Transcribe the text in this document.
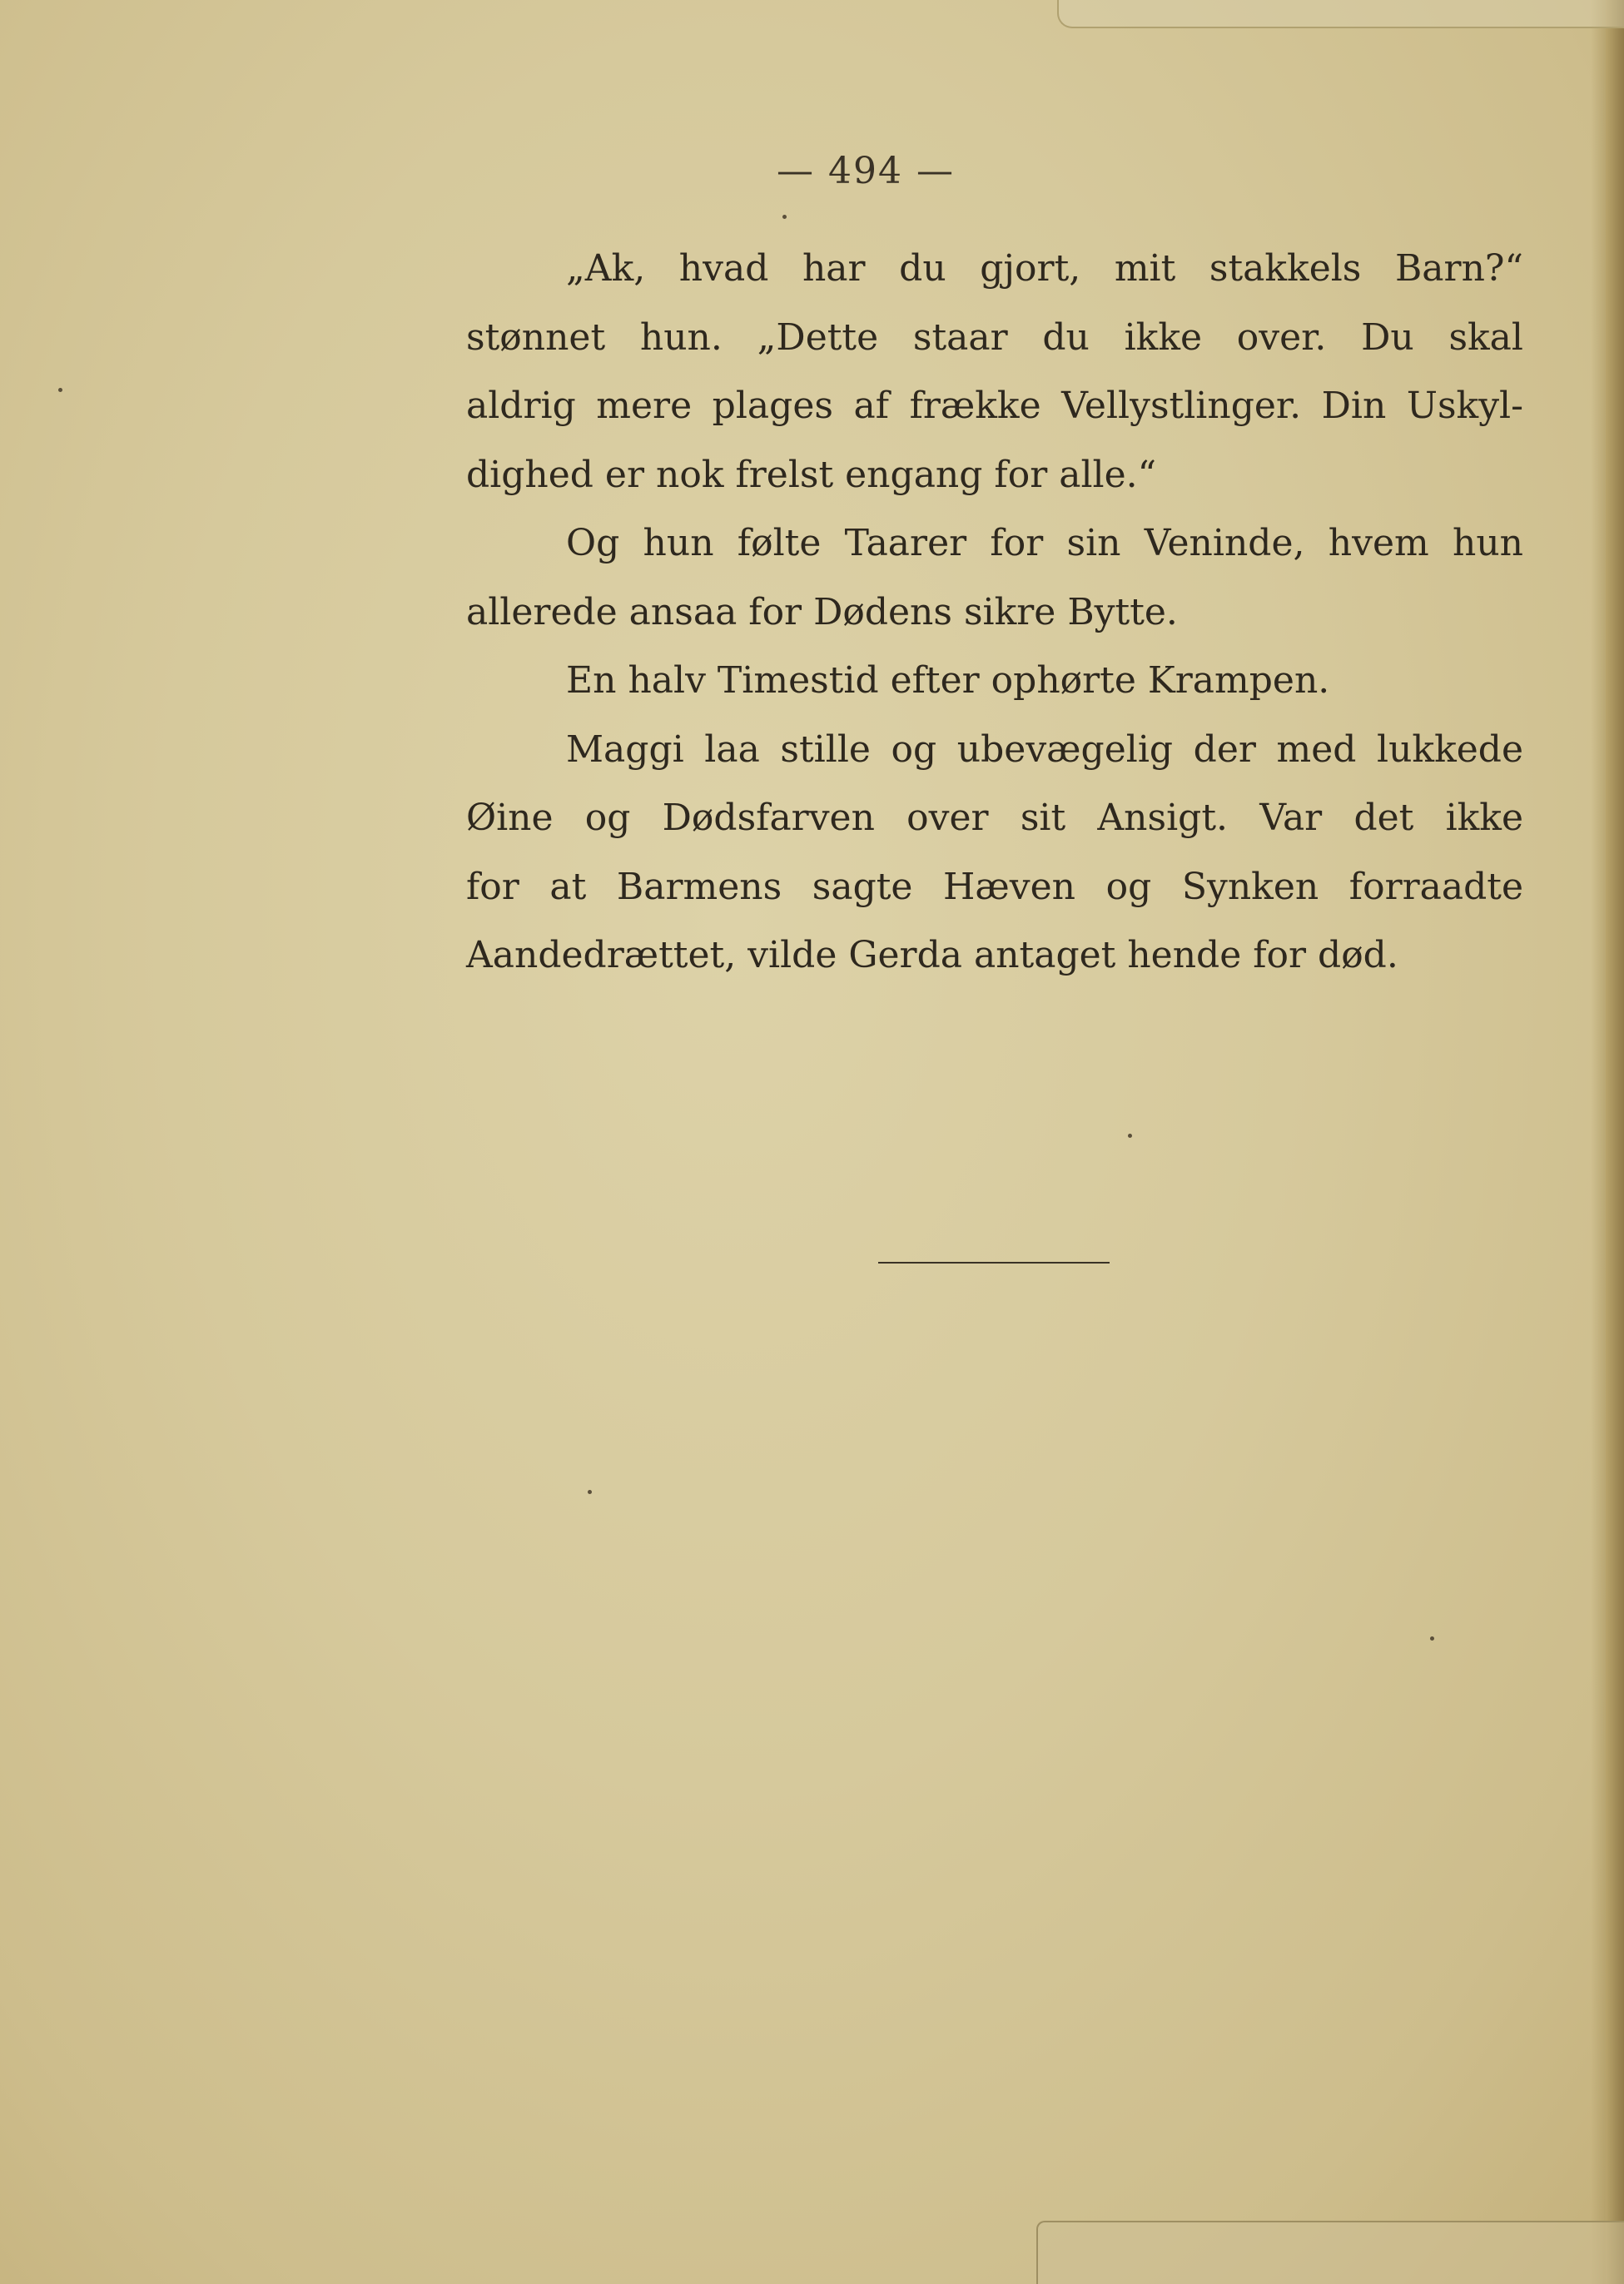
— 494 —
„Ak, hvad har du gjort, mit stakkels Barn?“
stønnet hun. „Dette staar du ikke over. Du skal
aldrig mere plages af frække Vellystlinger. Din Uskyl-
dighed er nok frelst engang for alle.“
Og hun følte Taarer for sin Veninde, hvem hun
allerede ansaa for Dødens sikre Bytte.
En halv Timestid efter ophørte Krampen.
Maggi laa stille og ubevægelig der med lukkede
Øine og Dødsfarven over sit Ansigt. Var det ikke
for at Barmens sagte Hæven og Synken forraadte
Aandedrættet, vilde Gerda antaget hende for død.
